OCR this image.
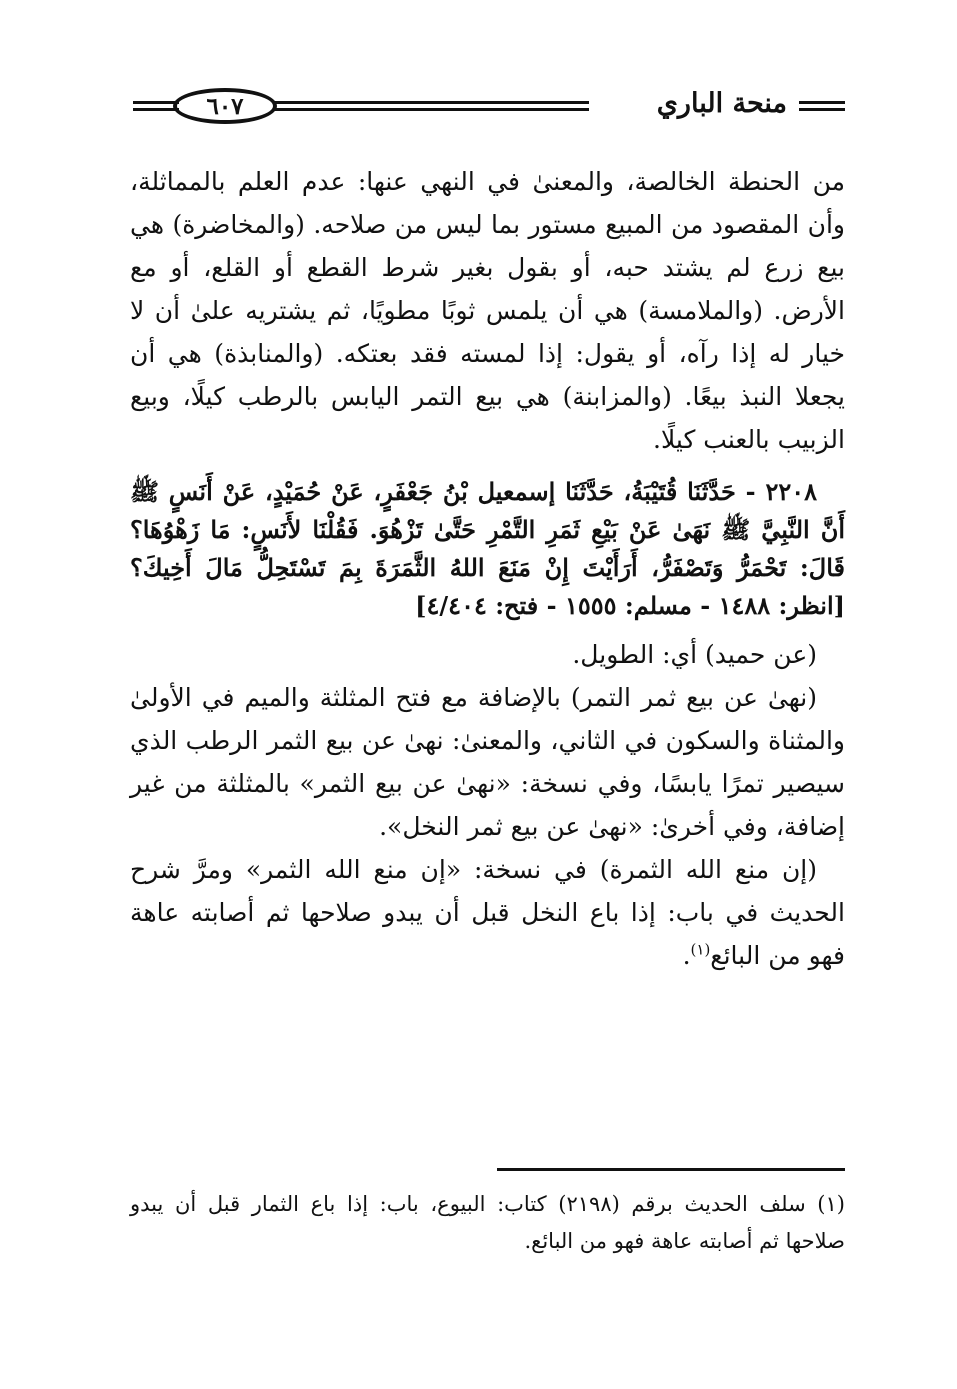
منحة الباري
٦٠٧

من الحنطة الخالصة، والمعنىٰ في النهي عنها: عدم العلم بالمماثلة، وأن المقصود من المبيع مستور بما ليس من صلاحه. (والمخاضرة) هي بيع زرع لم يشتد حبه، أو بقول بغير شرط القطع أو القلع، أو مع الأرض. (والملامسة) هي أن يلمس ثوبًا مطويًا، ثم يشتريه علىٰ أن لا خيار له إذا رآه، أو يقول: إذا لمسته فقد بعتكه. (والمنابذة) هي أن يجعلا النبذ بيعًا. (والمزابنة) هي بيع التمر اليابس بالرطب كيلًا، وبيع الزبيب بالعنب كيلًا.

٢٢٠٨ - حَدَّثَنَا قُتَيْبَةُ، حَدَّثَنَا إسمعيل بْنُ جَعْفَرٍ، عَنْ حُمَيْدٍ، عَنْ أَنَسٍ ﷺ أَنَّ النَّبِيَّ ﷺ نَهَىٰ عَنْ بَيْعِ ثَمَرِ التَّمْرِ حَتَّىٰ تَزْهُوَ. فَقُلْنَا لأَنَسٍ: مَا زَهْوُهَا؟ قَالَ: تَحْمَرُّ وَتَصْفَرُّ، أَرَأَيْتَ إِنْ مَنَعَ اللهُ الثَّمَرَةَ بِمَ تَسْتَحِلُّ مَالَ أَخِيكَ؟ [انظر: ١٤٨٨ - مسلم: ١٥٥٥ - فتح: ٤/٤٠٤]

(عن حميد) أي: الطويل.

(نهىٰ عن بيع ثمر التمر) بالإضافة مع فتح المثلثة والميم في الأولىٰ والمثناة والسكون في الثاني، والمعنىٰ: نهىٰ عن بيع الثمر الرطب الذي سيصير تمرًا يابسًا، وفي نسخة: «نهىٰ عن بيع الثمر» بالمثلثة من غير إضافة، وفي أخرىٰ: «نهىٰ عن بيع ثمر النخل».

(إن منع الله الثمرة) في نسخة: «إن منع الله الثمر» ومرَّ شرح الحديث في باب: إذا باع النخل قبل أن يبدو صلاحها ثم أصابته عاهة فهو من البائع$^{(١)}$.

(١) سلف الحديث برقم (٢١٩٨) كتاب: البيوع، باب: إذا باع الثمار قبل أن يبدو صلاحها ثم أصابته عاهة فهو من البائع.
